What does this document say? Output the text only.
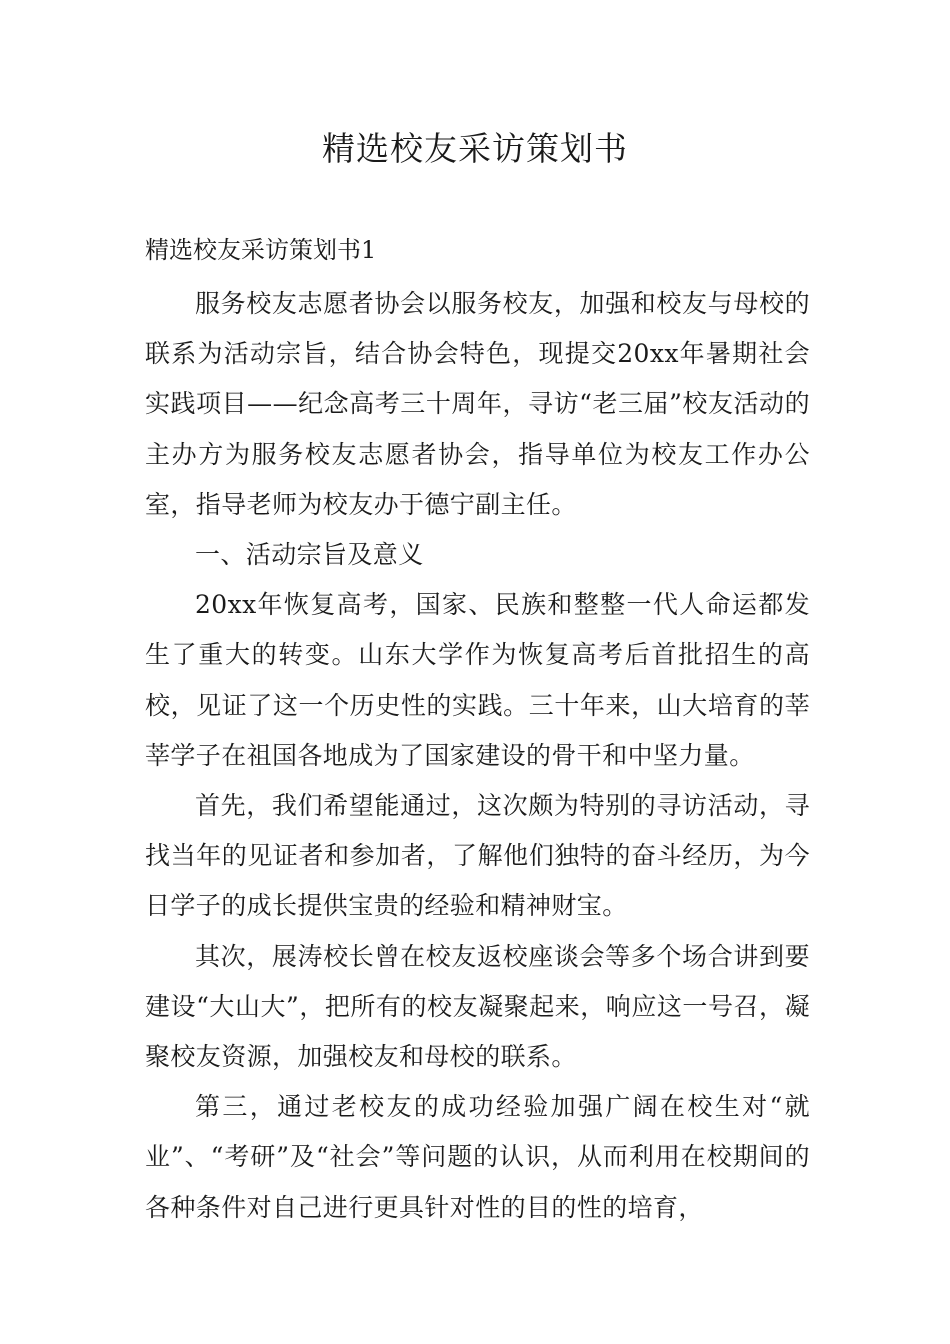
精选校友采访策划书
精选校友采访策划书1

服务校友志愿者协会以服务校友，加强和校友与母校的联系为活动宗旨，结合协会特色，现提交20xx年暑期社会实践项目——纪念高考三十周年，寻访“老三届”校友活动的主办方为服务校友志愿者协会，指导单位为校友工作办公室，指导老师为校友办于德宁副主任。

一、活动宗旨及意义

20xx年恢复高考，国家、民族和整整一代人命运都发生了重大的转变。山东大学作为恢复高考后首批招生的高校，见证了这一个历史性的实践。三十年来，山大培育的莘莘学子在祖国各地成为了国家建设的骨干和中坚力量。

首先，我们希望能通过，这次颇为特别的寻访活动，寻找当年的见证者和参加者，了解他们独特的奋斗经历，为今日学子的成长提供宝贵的经验和精神财宝。

其次，展涛校长曾在校友返校座谈会等多个场合讲到要建设“大山大”，把所有的校友凝聚起来，响应这一号召，凝聚校友资源，加强校友和母校的联系。

第三，通过老校友的成功经验加强广阔在校生对“就业”、“考研”及“社会”等问题的认识，从而利用在校期间的各种条件对自己进行更具针对性的目的性的培育，
